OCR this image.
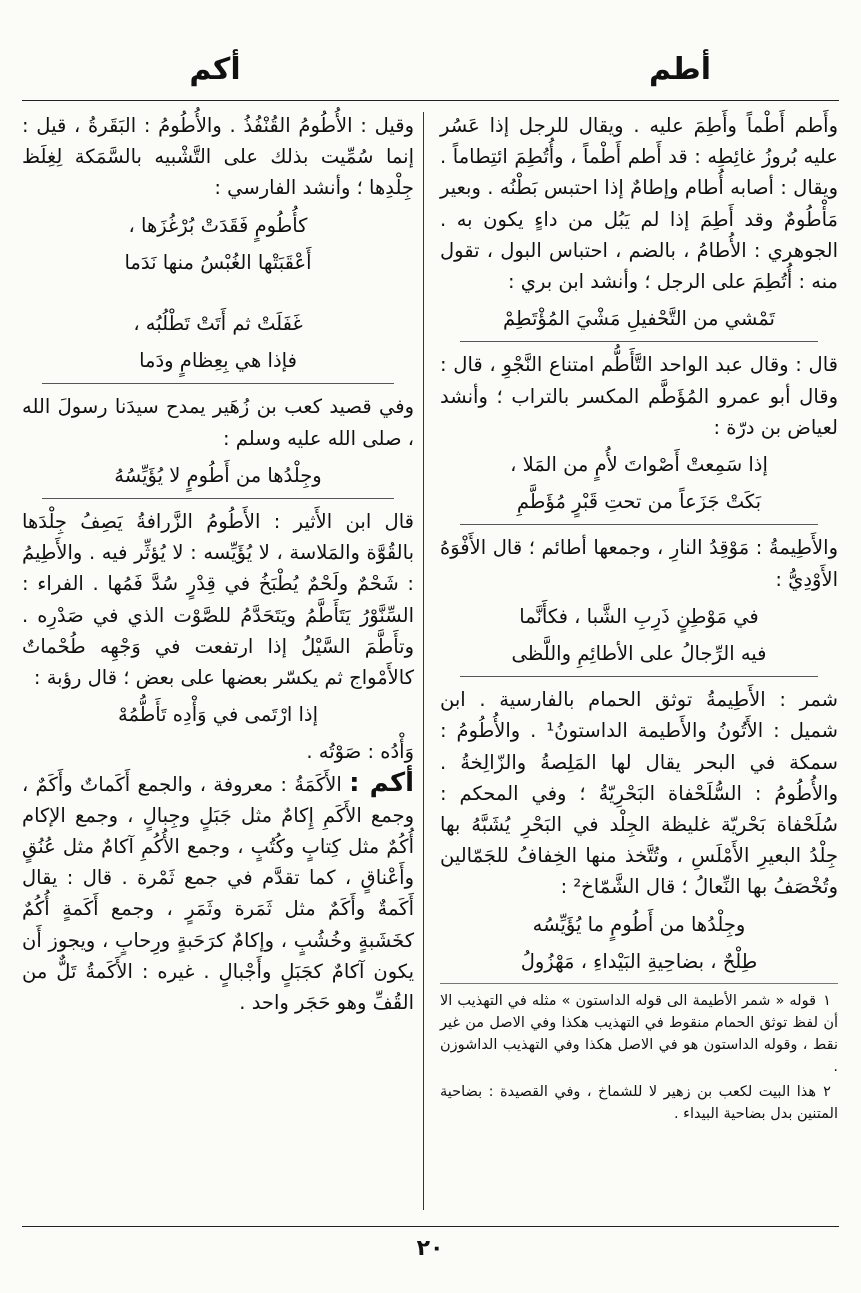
أطم
أكم

وأَطم أَطْماً وأَطِمَ عليه . ويقال للرجل إذا عَسُر عليه بُروزُ غائِطِه : قد أَطم أَطْماً ، وأُتُطِمَ ائتِطاماً . ويقال : أصابه أُطام وإطامٌ إذا احتبس بَطْنُه . وبعير مَأْطُومٌ وقد أَطِمَ إذا لم يَبُل من داءٍ يكون به . الجوهري : الأُطامُ ، بالضم ، احتباس البول ، تقول منه : أُتُطِمَ على الرجل ؛ وأنشد ابن بري :

تَمْشي من التَّحْفيلِ مَشْيَ المُؤْتَطِمْ

قال : وقال عبد الواحد التَّأَطُّم امتناع النَّجْوِ ، قال : وقال أبو عمرو المُؤَطَّم المكسر بالتراب ؛ وأنشد لعياض بن درّة :

إذا سَمِعتْ أَصْواتَ لأُمٍ من المَلا ،

بَكَتْ جَزَعاً من تحتِ قَبْرٍ مُؤَطَّمِ

والأَطِيمةُ : مَوْقِدُ النارِ ، وجمعها أطائم ؛ قال الأَفْوَهُ الأَوْدِيُّ :

في مَوْطِنٍ ذَرِبِ الشَّبا ، فكأَنَّما

فيه الرِّجالُ على الأطائِمِ واللَّظى

شمر : الأَطِيمةُ توثق الحمام بالفارسية . ابن شميل : الأَتُونُ والأَطيمة الداستونُ¹ . والأُطُومُ : سمكة في البحر يقال لها المَلِصةُ والزّالِخةُ . والأُطُومُ : السُّلَحْفاة البَحْرِيّةُ ؛ وفي المحكم : سُلَحْفاة بَحْريّة غليظة الجِلْد في البَحْرِ يُشَبَّهُ بها جِلْدُ البعيرِ الأَمْلَسِ ، وتُتَّخذ منها الخِفافُ للجَمّالين وتُخْصَفُ بها النِّعالُ ؛ قال الشَّمّاخ² :

وجِلْدُها من أَطُومٍ ما يُؤَيِّسُه

طِلْحٌ ، بضاحِيةِ البَيْداءِ ، مَهْزُولُ

١قوله « شمر الأطيمة الى قوله الداستون » مثله في التهذيب الا أن لفظ توثق الحمام منقوط في التهذيب هكذا وفي الاصل من غير نقط ، وقوله الداستون هو في الاصل هكذا وفي التهذيب الداشوزن .

٢هذا البيت لكعب بن زهير لا للشماخ ، وفي القصيدة : بضاحية المتنين بدل بضاحية البيداء .

وقيل : الأُطُومُ القُنْفُذُ . والأُطُومُ : البَقَرةُ ، قيل : إنما سُمِّيت بذلك على التَّشْبيه بالسَّمَكة لِغِلَظ جِلْدِها ؛ وأنشد الفارسي :

كأُطُومٍ فَقَدَتْ بُرْغُزَها ،

أَعْقَبَتْها الغُبْسُ منها نَدَما

غَفَلَتْ ثم أَتَتْ تَطْلُبُه ،

فإذا هي بِعِظامٍ ودَما

وفي قصيد كعب بن زُهَير يمدح سيدَنا رسولَ الله ، صلى الله عليه وسلم :

وجِلْدُها من أَطُومٍ لا يُؤَيِّسُهُ

قال ابن الأَثير : الأَطُومُ الزَّرافةُ يَصِفُ جِلْدَها بالقُوَّة والمَلاسة ، لا يُؤَيِّسه : لا يُؤثِّر فيه . والأَطِيمُ : شَحْمٌ ولَحْمٌ يُطْبَخُ في قِدْرٍ سُدَّ فَمُها . الفراء : السِّنَّوْرُ يَتَأَطَّمُ ويَتَحَدَّمُ للصَّوْت الذي في صَدْرِه . وتأَطَّمَ السَّيْلُ إذا ارتفعت في وَجْهِه طُحْماتٌ كالأَمْواج ثم يكسّر بعضها على بعض ؛ قال رؤبة :

إذا ارْتَمى في وَأْدِه تَأَطُّمُهْ

وَأْدُه : صَوْتُه .

أكم : الأَكَمَةُ : معروفة ، والجمع أَكَماتٌ وأَكَمٌ ، وجمع الأَكَمِ إِكامٌ مثل جَبَلٍ وجِبالٍ ، وجمع الإكام أُكُمٌ مثل كِتابٍ وكُتُبٍ ، وجمع الأُكُمِ آكامٌ مثل عُنُقٍ وأَعْناقٍ ، كما تقدَّم في جمع ثَمْرة . قال : يقال أَكَمةٌ وأَكَمٌ مثل ثَمَرة وثَمَرٍ ، وجمع أَكَمةٍ أُكُمٌ كخَشَبةٍ وخُشُبٍ ، وإكامٌ كرَحَبةٍ ورِحابٍ ، ويجوز أَن يكون آكامٌ كجَبَلٍ وأَجْبالٍ . غيره : الأَكَمةُ تَلٌّ من القُفِّ وهو حَجَر واحد .

٢٠
